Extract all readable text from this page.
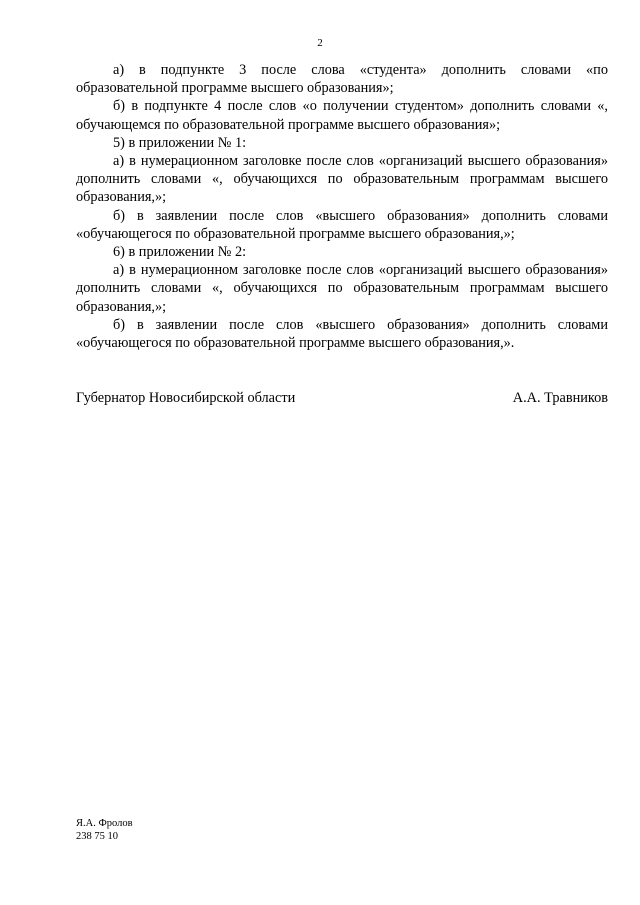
2

а) в подпункте 3 после слова «студента» дополнить словами «по образовательной программе высшего образования»;

б) в подпункте 4 после слов «о получении студентом» дополнить словами «, обучающемся по образовательной программе высшего образования»;

5) в приложении № 1:

а) в нумерационном заголовке после слов «организаций высшего образования» дополнить словами «, обучающихся по образовательным программам высшего образования,»;

б) в заявлении после слов «высшего образования» дополнить словами «обучающегося по образовательной программе высшего образования,»;

6) в приложении № 2:

а) в нумерационном заголовке после слов «организаций высшего образования» дополнить словами «, обучающихся по образовательным программам высшего образования,»;

б) в заявлении после слов «высшего образования» дополнить словами «обучающегося по образовательной программе высшего образования,».

Губернатор Новосибирской области	А.А. Травников
Я.А. Фролов
238 75 10
